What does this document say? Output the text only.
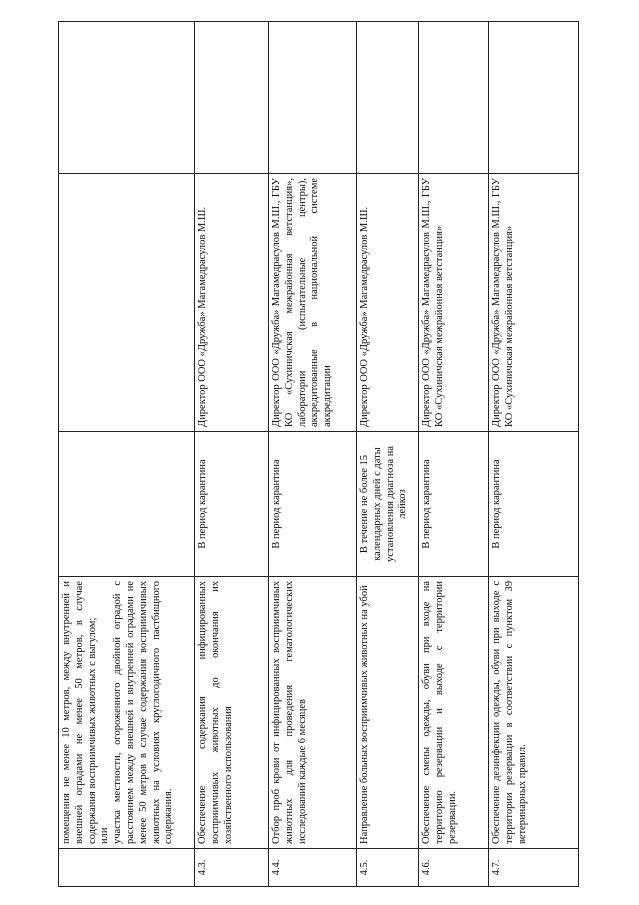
	помещения не менее 10 метров, между внутренней и внешней оградами не менее 50 метров, в случае содержания восприимчивых животных с выгулом; или участка местности, огороженного двойной оградой с расстоянием между внешней и внутренней оградами не менее 50 метров в случае содержания восприимчивых животных на условиях круглогодичного пастбищного содержания.			

4.3.	Обеспечение содержания инфицированных восприимчивых животных до окончания их хозяйственного использования	В период карантина	Директор ООО «Дружба» Магамедрасулов М.Ш.	
4.4.	Отбор проб крови от инфицированных восприимчивых животных для проведения гематологических исследований каждые 6 месяцев	В период карантина	Директор ООО «Дружба» Магамедрасулов М.Ш., ГБУ КО «Сухиничская межрайонная ветстанция», лаборатории (испытательные центры), аккредитованные в национальной системе аккредитации	
4.5.	Направление больных восприимчивых животных на убой	В течение не более 15 календарных дней с даты установления диагноза на лейкоз	Директор ООО «Дружба» Магамедрасулов М.Ш.	
4.6.	Обеспечение смены одежды, обуви при входе на территорию резервации и выходе с территории резервации.	В период карантина	Директор ООО «Дружба» Магамедрасулов М.Ш., ГБУ КО «Сухиничская межрайонная ветстанция»	
4.7.	Обеспечение дезинфекции одежды, обуви при выходе с территории резервации в соответствии с пунктом 39 ветеринарных правил.	В период карантина	Директор ООО «Дружба» Магамедрасулов М.Ш., ГБУ КО «Сухиничская межрайонная ветстанция»	
